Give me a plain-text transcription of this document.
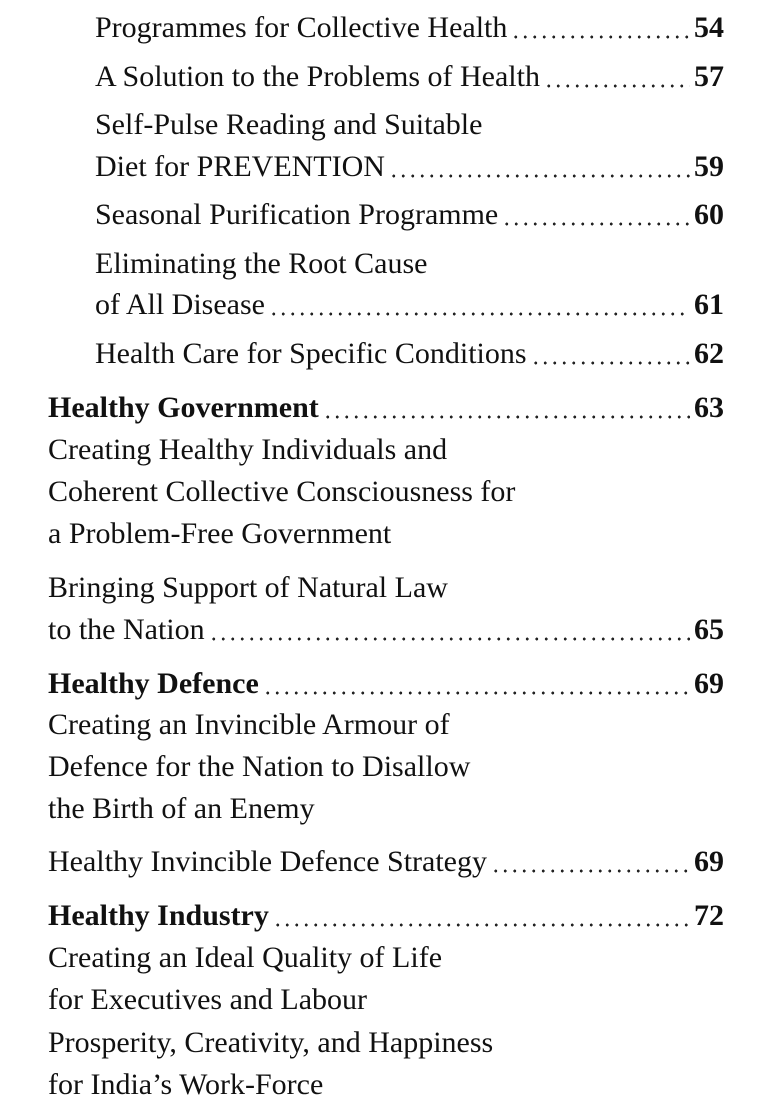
Programmes for Collective Health	54
A Solution to the Problems of Health	57
Self-Pulse Reading and Suitable
Diet for PREVENTION	59
Seasonal Purification Programme	60
Eliminating the Root Cause
of All Disease	61
Health Care for Specific Conditions	62
Healthy Government	63
Creating Healthy Individuals and
Coherent Collective Consciousness for
a Problem-Free Government
Bringing Support of Natural Law
to the Nation	65
Healthy Defence	69
Creating an Invincible Armour of
Defence for the Nation to Disallow
the Birth of an Enemy
Healthy Invincible Defence Strategy	69
Healthy Industry	72
Creating an Ideal Quality of Life
for Executives and Labour
Prosperity, Creativity, and Happiness
for India’s Work-Force
